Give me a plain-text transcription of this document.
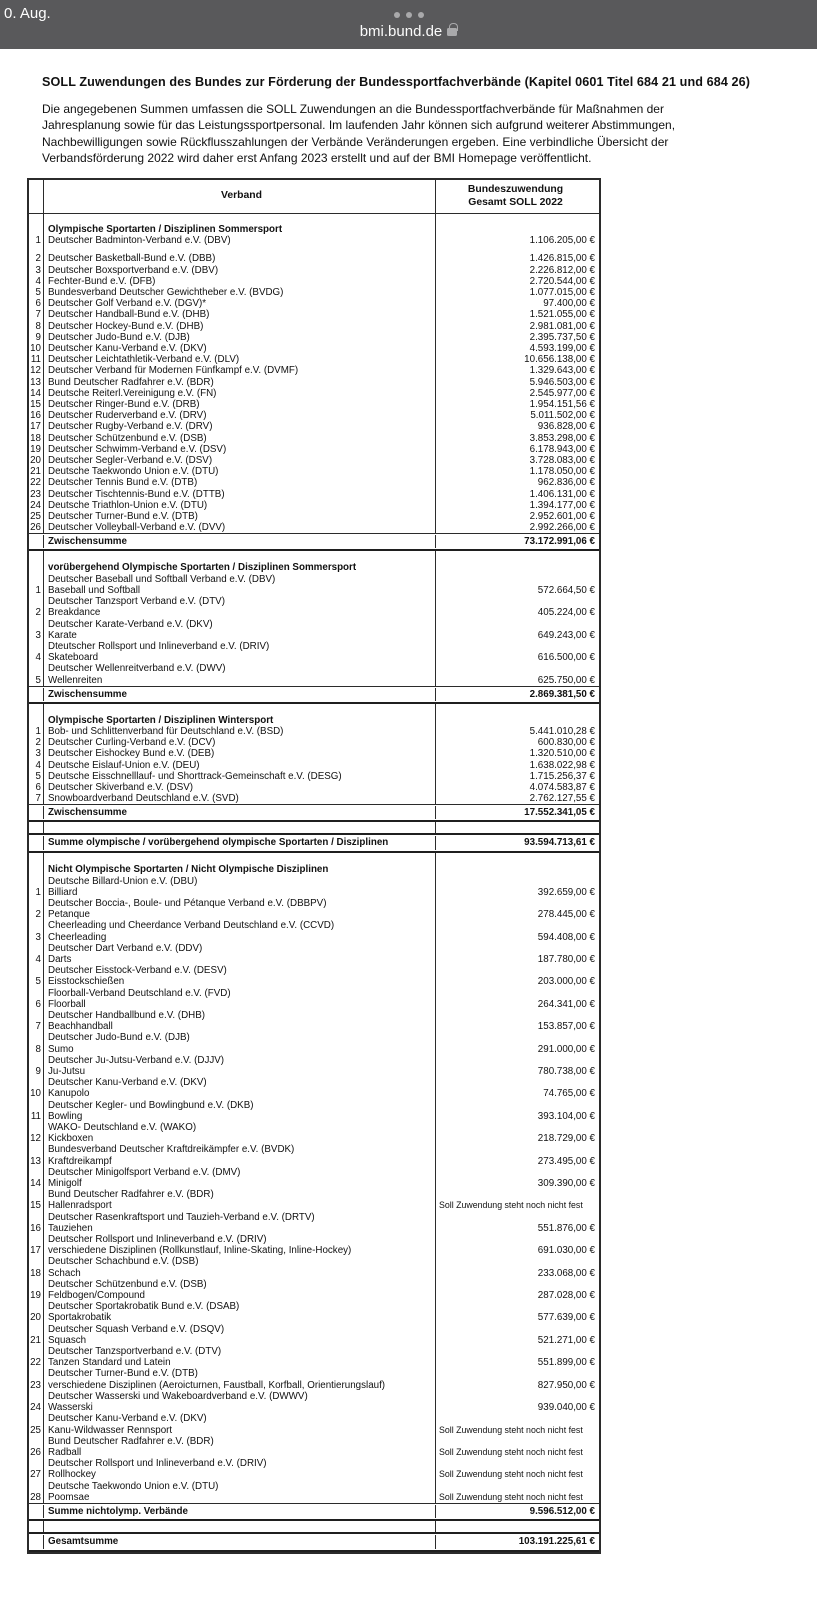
0. Aug.
bmi.bund.de
SOLL Zuwendungen des Bundes zur Förderung der Bundessportfachverbände (Kapitel 0601 Titel 684 21 und 684 26)
Die angegebenen Summen umfassen die SOLL Zuwendungen an die Bundessportfachverbände für Maßnahmen der Jahresplanung sowie für das Leistungssportpersonal. Im laufenden Jahr können sich aufgrund weiterer Abstimmungen, Nachbewilligungen sowie Rückflusszahlungen der Verbände Veränderungen ergeben. Eine verbindliche Übersicht der Verbandsförderung 2022 wird daher erst Anfang 2023 erstellt und auf der BMI Homepage veröffentlicht.
Verband
Bundeszuwendung
Gesamt SOLL 2022
Olympische Sportarten / Disziplinen Sommersport
1 Deutscher Badminton-Verband e.V. (DBV)	1.106.205,00 €
2 Deutscher Basketball-Bund e.V. (DBB)	1.426.815,00 €
3 Deutscher Boxsportverband e.V. (DBV)	2.226.812,00 €
4 Fechter-Bund e.V. (DFB)	2.720.544,00 €
5 Bundesverband Deutscher Gewichtheber e.V. (BVDG)	1.077.015,00 €
6 Deutscher Golf Verband e.V. (DGV)*	97.400,00 €
7 Deutscher Handball-Bund e.V. (DHB)	1.521.055,00 €
8 Deutscher Hockey-Bund e.V. (DHB)	2.981.081,00 €
9 Deutscher Judo-Bund e.V. (DJB)	2.395.737,50 €
10 Deutscher Kanu-Verband e.V. (DKV)	4.593.199,00 €
11 Deutscher Leichtathletik-Verband e.V. (DLV)	10.656.138,00 €
12 Deutscher Verband für Modernen Fünfkampf e.V. (DVMF)	1.329.643,00 €
13 Bund Deutscher Radfahrer e.V. (BDR)	5.946.503,00 €
14 Deutsche Reiterl.Vereinigung e.V. (FN)	2.545.977,00 €
15 Deutscher Ringer-Bund e.V. (DRB)	1.954.151,56 €
16 Deutscher Ruderverband e.V. (DRV)	5.011.502,00 €
17 Deutscher Rugby-Verband e.V. (DRV)	936.828,00 €
18 Deutscher Schützenbund e.V. (DSB)	3.853.298,00 €
19 Deutscher Schwimm-Verband e.V. (DSV)	6.178.943,00 €
20 Deutscher Segler-Verband e.V. (DSV)	3.728.083,00 €
21 Deutsche Taekwondo Union e.V. (DTU)	1.178.050,00 €
22 Deutscher Tennis Bund e.V. (DTB)	962.836,00 €
23 Deutscher Tischtennis-Bund e.V. (DTTB)	1.406.131,00 €
24 Deutsche Triathlon-Union e.V. (DTU)	1.394.177,00 €
25 Deutscher Turner-Bund e.V. (DTB)	2.952.601,00 €
26 Deutscher Volleyball-Verband e.V. (DVV)	2.992.266,00 €
Zwischensumme	73.172.991,06 €
vorübergehend Olympische Sportarten / Disziplinen Sommersport
Deutscher Baseball und Softball Verband e.V. (DBV)
1 Baseball und Softball	572.664,50 €
Deutscher Tanzsport Verband e.V. (DTV)
2 Breakdance	405.224,00 €
Deutscher Karate-Verband e.V. (DKV)
3 Karate	649.243,00 €
Dteutscher Rollsport und Inlineverband e.V. (DRIV)
4 Skateboard	616.500,00 €
Deutscher Wellenreitverband e.V. (DWV)
5 Wellenreiten	625.750,00 €
Zwischensumme	2.869.381,50 €
Olympische Sportarten / Disziplinen Wintersport
1 Bob- und Schlittenverband für Deutschland e.V. (BSD)	5.441.010,28 €
2 Deutscher Curling-Verband e.V. (DCV)	600.830,00 €
3 Deutscher Eishockey Bund e.V. (DEB)	1.320.510,00 €
4 Deutsche Eislauf-Union e.V. (DEU)	1.638.022,98 €
5 Deutsche Eisschnelllauf- und Shorttrack-Gemeinschaft e.V. (DESG)	1.715.256,37 €
6 Deutscher Skiverband e.V. (DSV)	4.074.583,87 €
7 Snowboardverband Deutschland e.V. (SVD)	2.762.127,55 €
Zwischensumme	17.552.341,05 €
Summe olympische / vorübergehend olympische Sportarten / Disziplinen	93.594.713,61 €
Nicht Olympische Sportarten / Nicht Olympische Disziplinen
Deutsche Billard-Union e.V. (DBU)
1 Billiard	392.659,00 €
Deutscher Boccia-, Boule- und Pétanque Verband e.V. (DBBPV)
2 Petanque	278.445,00 €
Cheerleading und Cheerdance Verband Deutschland e.V. (CCVD)
3 Cheerleading	594.408,00 €
Deutscher Dart Verband e.V. (DDV)
4 Darts	187.780,00 €
Deutscher Eisstock-Verband e.V. (DESV)
5 Eisstockschießen	203.000,00 €
Floorball-Verband Deutschland e.V. (FVD)
6 Floorball	264.341,00 €
Deutscher Handballbund e.V. (DHB)
7 Beachhandball	153.857,00 €
Deutscher Judo-Bund e.V. (DJB)
8 Sumo	291.000,00 €
Deutscher Ju-Jutsu-Verband e.V. (DJJV)
9 Ju-Jutsu	780.738,00 €
Deutscher Kanu-Verband e.V. (DKV)
10 Kanupolo	74.765,00 €
Deutscher Kegler- und Bowlingbund e.V. (DKB)
11 Bowling	393.104,00 €
WAKO- Deutschland e.V. (WAKO)
12 Kickboxen	218.729,00 €
Bundesverband Deutscher Kraftdreikämpfer e.V. (BVDK)
13 Kraftdreikampf	273.495,00 €
Deutscher Minigolfsport Verband e.V. (DMV)
14 Minigolf	309.390,00 €
Bund Deutscher Radfahrer e.V. (BDR)
15 Hallenradsport	Soll Zuwendung steht noch nicht fest
Deutscher Rasenkraftsport und Tauzieh-Verband e.V. (DRTV)
16 Tauziehen	551.876,00 €
Deutscher Rollsport und Inlineverband e.V. (DRIV)
17 verschiedene Disziplinen (Rollkunstlauf, Inline-Skating, Inline-Hockey)	691.030,00 €
Deutscher Schachbund e.V. (DSB)
18 Schach	233.068,00 €
Deutscher Schützenbund e.V. (DSB)
19 Feldbogen/Compound	287.028,00 €
Deutscher Sportakrobatik Bund e.V. (DSAB)
20 Sportakrobatik	577.639,00 €
Deutscher Squash Verband e.V. (DSQV)
21 Squasch	521.271,00 €
Deutscher Tanzsportverband e.V. (DTV)
22 Tanzen Standard und Latein	551.899,00 €
Deutscher Turner-Bund e.V. (DTB)
23 verschiedene Disziplinen (Aeroicturnen, Faustball, Korfball, Orientierungslauf)	827.950,00 €
Deutscher Wasserski und Wakeboardverband e.V. (DWWV)
24 Wasserski	939.040,00 €
Deutscher Kanu-Verband e.V. (DKV)
25 Kanu-Wildwasser Rennsport	Soll Zuwendung steht noch nicht fest
Bund Deutscher Radfahrer e.V. (BDR)
26 Radball	Soll Zuwendung steht noch nicht fest
Deutscher Rollsport und Inlineverband e.V. (DRIV)
27 Rollhockey	Soll Zuwendung steht noch nicht fest
Deutsche Taekwondo Union e.V. (DTU)
28 Poomsae	Soll Zuwendung steht noch nicht fest
Summe nichtolymp. Verbände	9.596.512,00 €
Gesamtsumme	103.191.225,61 €
